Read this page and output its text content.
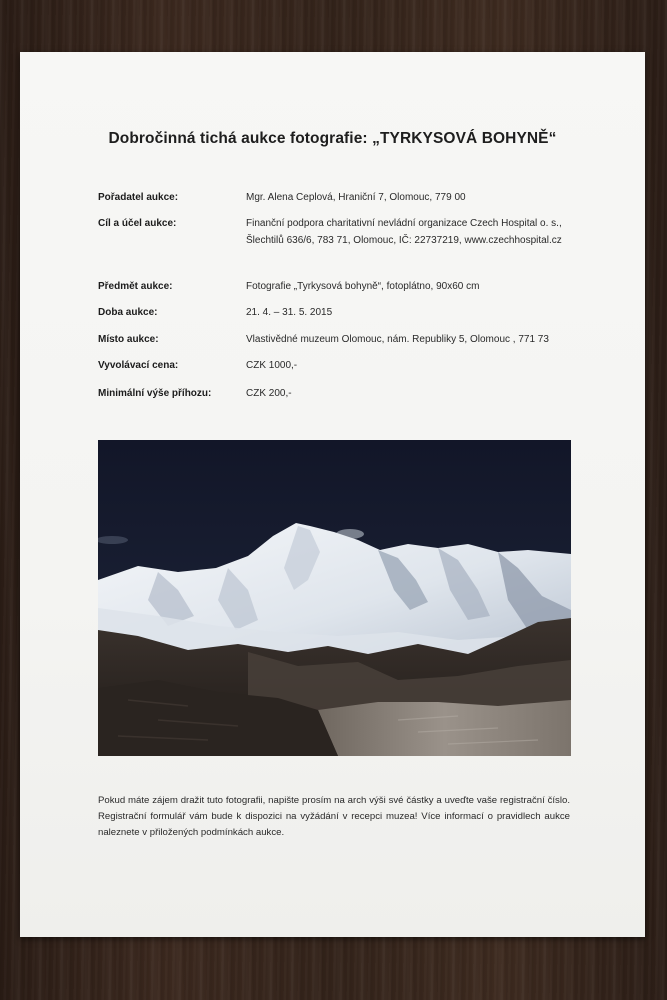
Dobročinná tichá aukce fotografie: „TYRKYSOVÁ BOHYNĚ“
Pořadatel aukce:	Mgr. Alena Ceplová, Hraniční 7, Olomouc, 779 00
Cíl a účel aukce:	Finanční podpora charitativní nevládní organizace Czech Hospital o. s., Šlechtilů 636/6, 783 71, Olomouc, IČ: 22737219, www.czechhospital.cz
Předmět aukce:	Fotografie „Tyrkysová bohyně“, fotoplátno, 90x60 cm
Doba aukce:	21. 4. – 31. 5. 2015
Místo aukce:	Vlastivědné muzeum Olomouc, nám. Republiky 5, Olomouc , 771 73
Vyvolávací cena:	CZK 1000,-
Minimální výše příhozu:	CZK 200,-
Pokud máte zájem dražit tuto fotografii, napište prosím na arch výši své částky a uveďte vaše registrační číslo. Registrační formulář vám bude k dispozici na vyžádání v recepci muzea! Více informací o pravidlech aukce naleznete v přiložených podmínkách aukce.
